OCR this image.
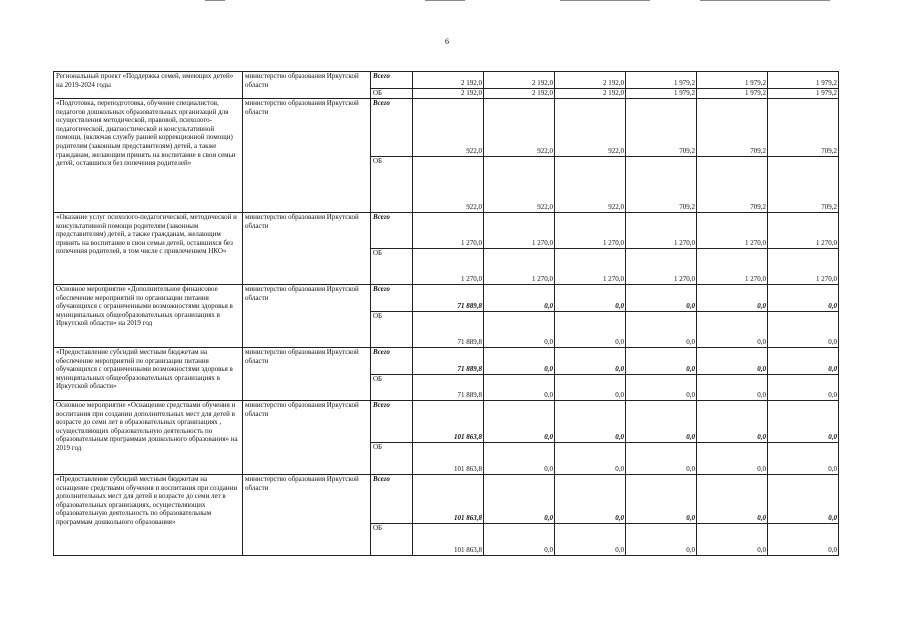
6
Региональный проект «Поддержка семей, имеющих детей» на 2019-2024 годы	министерство образования Иркутской области	Всего	2 192,0	2 192,0	2 192,0	1 979,2	1 979,2	1 979,2
		ОБ	2 192,0	2 192,0	2 192,0	1 979,2	1 979,2	1 979,2
«Подготовка, переподготовка, обучение специалистов, педагогов дошкольных образовательных организаций для осуществления методической, правовой, психолого-педагогической, диагностической и консультативной помощи, (включая службу ранней коррекционной помощи) родителям (законным представителям) детей, а также гражданам, желающим принять на воспитание в свои семьи детей, оставшихся без попечения родителей»	министерство образования Иркутской области	Всего	922,0	922,0	922,0	709,2	709,2	709,2
		ОБ	922,0	922,0	922,0	709,2	709,2	709,2
«Оказание услуг психолого-педагогической, методической и консультативной помощи родителям (законным представителям) детей, а также гражданам, желающим принять на воспитание в свои семьи детей, оставшихся без попечения родителей, в том числе с привлечением НКО»	министерство образования Иркутской области	Всего	1 270,0	1 270,0	1 270,0	1 270,0	1 270,0	1 270,0
		ОБ	1 270,0	1 270,0	1 270,0	1 270,0	1 270,0	1 270,0
Основное мероприятие «Дополнительное финансовое обеспечение мероприятий по организации питания обучающихся с ограниченными возможностями здоровья в муниципальных общеобразовательных организациях в Иркутской области» на 2019 год	министерство образования Иркутской области	Всего	71 889,8	0,0	0,0	0,0	0,0	0,0
		ОБ	71 889,8	0,0	0,0	0,0	0,0	0,0
«Предоставление субсидий местным бюджетам на обеспечение мероприятий по организации питания обучающихся с ограниченными возможностями здоровья в муниципальных общеобразовательных организациях в Иркутской области»	министерство образования Иркутской области	Всего	71 889,8	0,0	0,0	0,0	0,0	0,0
		ОБ	71 889,8	0,0	0,0	0,0	0,0	0,0
Основное мероприятие «Оснащение средствами обучения и воспитания при создании дополнительных мест для детей в возрасте до семи лет в образовательных организациях , осуществляющих образовательную деятельность по образовательным программам дошкольного образования» на 2019 год	министерство образования Иркутской области	Всего	101 863,8	0,0	0,0	0,0	0,0	0,0
		ОБ	101 863,8	0,0	0,0	0,0	0,0	0,0
«Предоставление субсидий местным бюджетам на оснащение средствами обучения и воспитания при создании дополнительных мест для детей в возрасте до семи лет в образовательных организациях, осуществляющих образовательную деятельность по образовательным программам дошкольного образования»	министерство образования Иркутской области	Всего	101 863,8	0,0	0,0	0,0	0,0	0,0
		ОБ	101 863,8	0,0	0,0	0,0	0,0	0,0
